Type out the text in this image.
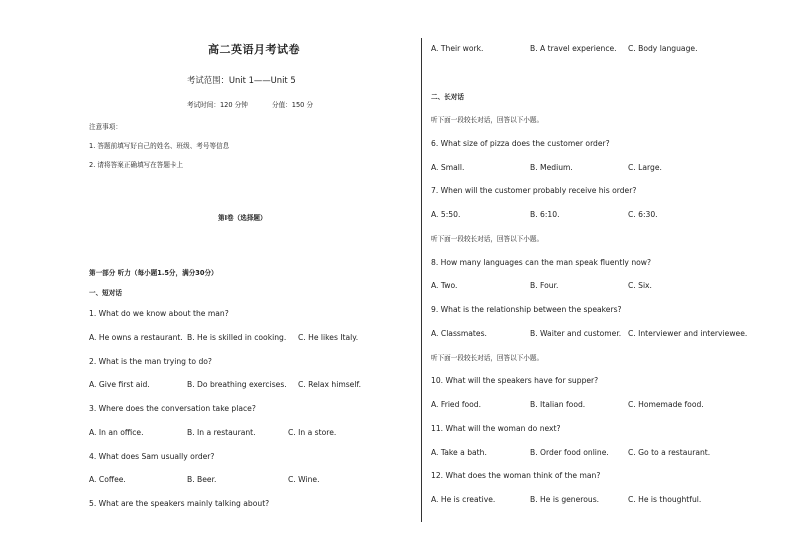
高二英语月考试卷
考试范围：Unit 1——Unit 5
考试时间：120 分钟	分值：150 分
注意事项：
1. 答题前填写好自己的姓名、班级、考号等信息
2. 请将答案正确填写在答题卡上
第I卷（选择题）
第一部分 听力（每小题1.5分，满分30分）
一、短对话
1. What do we know about the man?
A. He owns a restaurant. B. He is skilled in cooking. C. He likes Italy.
2. What is the man trying to do?
A. Give first aid.	B. Do breathing exercises. C. Relax himself.
3. Where does the conversation take place?
A. In an office.	B. In a restaurant.	C. In a store.
4. What does Sam usually order?
A. Coffee.	B. Beer.	C. Wine.
5. What are the speakers mainly talking about?
A. Their work.	B. A travel experience. C. Body language.
二、长对话
听下面一段较长对话，回答以下小题。
6. What size of pizza does the customer order?
A. Small.	B. Medium.	C. Large.
7. When will the customer probably receive his order?
A. 5:50.	B. 6:10.	C. 6:30.
听下面一段较长对话，回答以下小题。
8. How many languages can the man speak fluently now?
A. Two.	B. Four.	C. Six.
9. What is the relationship between the speakers?
A. Classmates.	B. Waiter and customer. C. Interviewer and interviewee.
听下面一段较长对话，回答以下小题。
10. What will the speakers have for supper?
A. Fried food.	B. Italian food.	C. Homemade food.
11. What will the woman do next?
A. Take a bath.	B. Order food online.	C. Go to a restaurant.
12. What does the woman think of the man?
A. He is creative.	B. He is generous.	C. He is thoughtful.
